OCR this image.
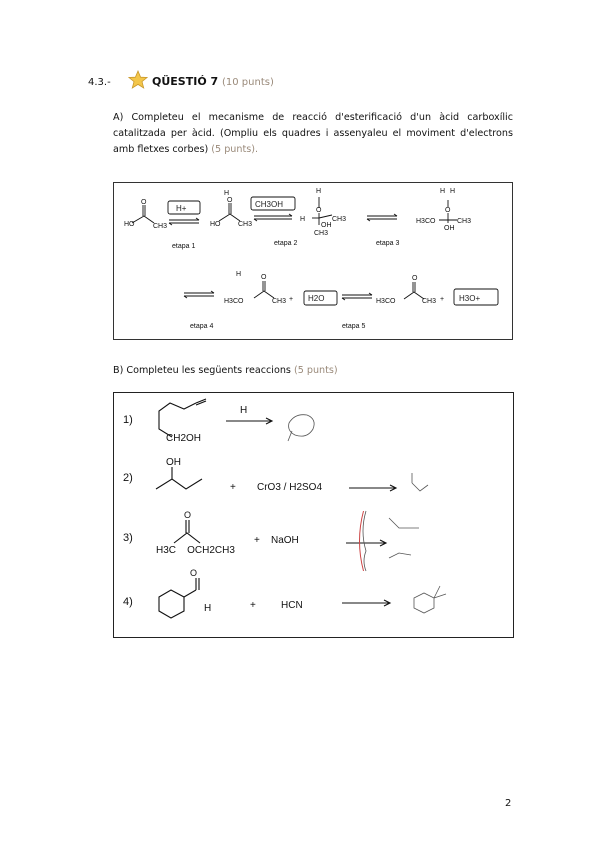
4.3.-	QÜESTIÓ 7 (10 punts)
A) Completeu el mecanisme de reacció d'esterificació d'un àcid carboxílic catalitzada per àcid. (Ompliu els quadres i assenyaleu el moviment d'electrons amb fletxes corbes) (5 punts).
HO	CH3
O
HO	CH3
O
H	H
O
CH3
OH
CH3
H
H H
O
H3CO	CH3
OH
H	O
H3CO	CH3 +	H3CO	CH3
O
+
etapa 1	etapa 2	etapa 3
etapa 4	etapa 5
H+	CH3OH
H2O	H3O+
B) Completeu les següents reaccions (5 punts)
1)
2)
3)
4)
CH2OH
H
OH
+ CrO3 / H2SO4
H3C    OCH2CH3
+ NaOH
H	+	HCN
O
O
2
